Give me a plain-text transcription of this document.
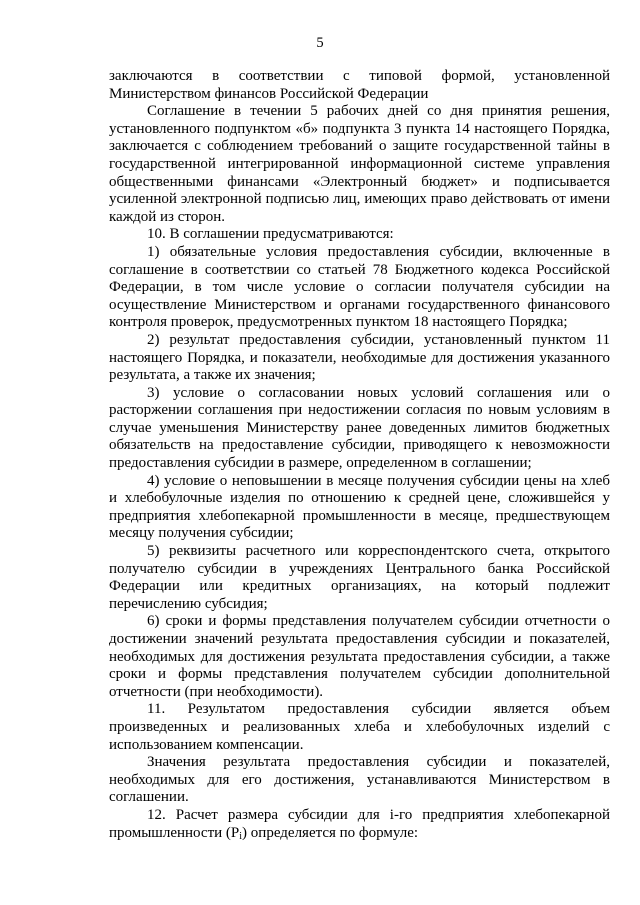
5

заключаются в соответствии с типовой формой, установленной Министерством финансов Российской Федерации

Соглашение в течении 5 рабочих дней со дня принятия решения, установленного подпунктом «б» подпункта 3 пункта 14 настоящего Порядка, заключается с соблюдением требований о защите государственной тайны в государственной интегрированной информационной системе управления общественными финансами «Электронный бюджет» и подписывается усиленной электронной подписью лиц, имеющих право действовать от имени каждой из сторон.

10. В соглашении предусматриваются:

1) обязательные условия предоставления субсидии, включенные в соглашение в соответствии со статьей 78 Бюджетного кодекса Российской Федерации, в том числе условие о согласии получателя субсидии на осуществление Министерством и органами государственного финансового контроля проверок, предусмотренных пунктом 18 настоящего Порядка;

2) результат предоставления субсидии, установленный пунктом 11 настоящего Порядка, и показатели, необходимые для достижения указанного результата, а также их значения;

3) условие о согласовании новых условий соглашения или о расторжении соглашения при недостижении согласия по новым условиям в случае уменьшения Министерству ранее доведенных лимитов бюджетных обязательств на предоставление субсидии, приводящего к невозможности предоставления субсидии в размере, определенном в соглашении;

4) условие о неповышении в месяце получения субсидии цены на хлеб и хлебобулочные изделия по отношению к средней цене, сложившейся у предприятия хлебопекарной промышленности в месяце, предшествующем месяцу получения субсидии;

5) реквизиты расчетного или корреспондентского счета, открытого получателю субсидии в учреждениях Центрального банка Российской Федерации или кредитных организациях, на который подлежит перечислению субсидия;

6) сроки и формы представления получателем субсидии отчетности о достижении значений результата предоставления субсидии и показателей, необходимых для достижения результата предоставления субсидии, а также сроки и формы представления получателем субсидии дополнительной отчетности (при необходимости).

11. Результатом предоставления субсидии является объем произведенных и реализованных хлеба и хлебобулочных изделий с использованием компенсации.

Значения результата предоставления субсидии и показателей, необходимых для его достижения, устанавливаются Министерством в соглашении.

12. Расчет размера субсидии для i-го предприятия хлебопекарной промышленности $(P_i)$ определяется по формуле:
